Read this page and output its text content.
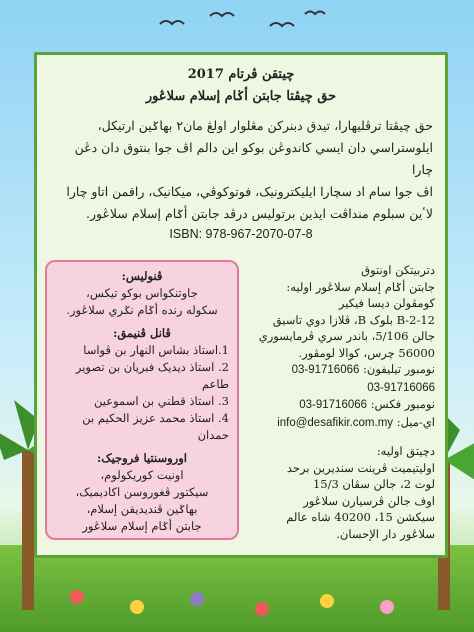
چيتقن ڤرتام 2017
حق چيڤتا جابتن أݢام إسلام سلاڠور
حق چيڤتا ترڤليهارا، تيدق دبنرکن مڠلوار اولڠ مان٢ بهاݢين ارتيکل،
ايلوستراسي دان ايسي کاندوڠن بوکو اين دالم اڤ جوا بنتوق دان دڠن چارا
اڤ جوا سام اد سچارا ايليکترونيک، فوتوکوڤي، ميکانيک، راقمن اتاو چارا
لاٴين سبلوم منداڤت ايذين برتوليس درڤد جابتن أݢام إسلام سلاڠور.
ISBN: 978-967-2070-07-8
ڤنوليس:
جاوتنکواس بوکو تيکس،
سکوله رنده أݢام نݢري سلاڠور.
ڤانل ڤنيمق:
1.استاذ بشاس النهار بن ڤواسا
2. استاذ ديديک فبريان بن تصوير طاعم
3. استاذ قطني بن اسموعين
4. استاذ محمد عزيز الحكيم بن حمدان
اوروسنتيا فروجيک:
اونيت کوريکولوم،
سيکتور ڤغوروسن اکاديميک،
بهاݢين ڤنديديقن إسلام،
جابتن أݢام إسلام سلاڠور
دتربيتکن اونتوق
جابتن أݢام إسلام سلاڠور اوليه:
کومڤولن ديسا فيکير
B-2-12 بلوک B، ڤلازا دوي تاسيق
جالن 5/106، باندر سري ڤرمايسوري
56000 چرس، کوالا لومڤور.
نومبور تيليفون: 03-91716066
03-91716066
نومبور فکس: 03-91716066
اي-ميل: info@desafikir.com.my
دچيتق اوليه:
اوليتيميت ڤرينت سنديرين برحد
لوت 2، جالن سڤان 15/3
اوف جالن ڤرسيارن سلاڠور
سيکشن 15، 40200 شاه عالم
سلاڠور دار الإحسان.
